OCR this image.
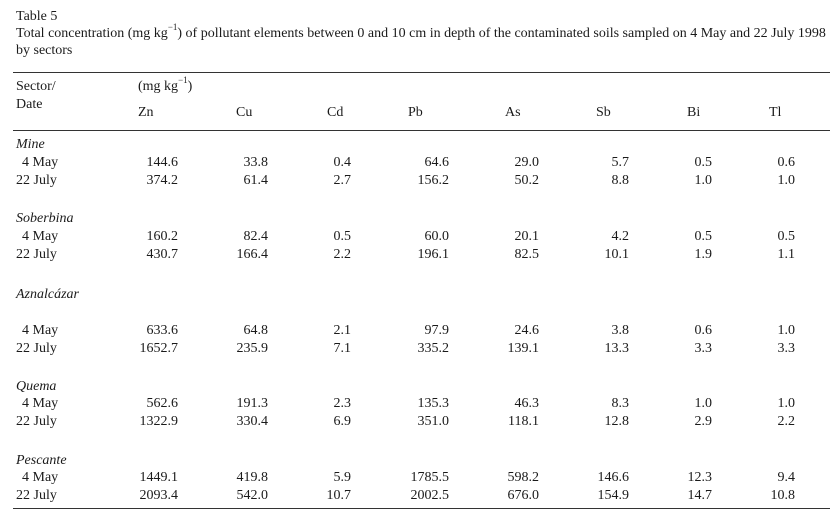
Table 5
Total concentration (mg $kg^{-1}$) of pollutant elements between 0 and 10 cm in depth of the contaminated soils sampled on 4 May and 22 July 1998 by sectors
Sector/
Date
(mg $kg^{-1}$)
Zn	Cu	Cd	Pb	As	Sb	Bi	Tl
Mine
4 May	144.6	33.8	0.4	64.6	29.0	5.7	0.5	0.6
22 July	374.2	61.4	2.7	156.2	50.2	8.8	1.0	1.0
Soberbina
4 May	160.2	82.4	0.5	60.0	20.1	4.2	0.5	0.5
22 July	430.7	166.4	2.2	196.1	82.5	10.1	1.9	1.1
Aznalcázar
4 May	633.6	64.8	2.1	97.9	24.6	3.8	0.6	1.0
22 July	1652.7	235.9	7.1	335.2	139.1	13.3	3.3	3.3
Quema
4 May	562.6	191.3	2.3	135.3	46.3	8.3	1.0	1.0
22 July	1322.9	330.4	6.9	351.0	118.1	12.8	2.9	2.2
Pescante
4 May	1449.1	419.8	5.9	1785.5	598.2	146.6	12.3	9.4
22 July	2093.4	542.0	10.7	2002.5	676.0	154.9	14.7	10.8
